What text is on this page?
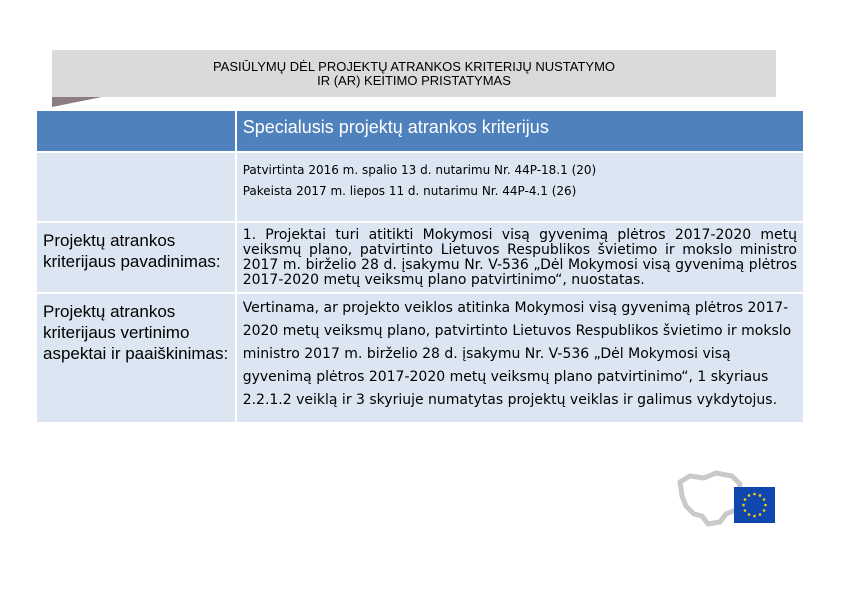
PASIŪLYMŲ DĖL PROJEKTŲ ATRANKOS KRITERIJŲ NUSTATYMO
IR (AR) KEITIMO PRISTATYMAS
	Specialusis projektų atrankos kriterijus

	Patvirtinta 2016 m. spalio 13 d. nutarimu Nr. 44P-18.1 (20)
Pakeista 2017 m. liepos 11 d. nutarimu Nr. 44P-4.1 (26)

Projektų atrankos kriterijaus pavadinimas:	1. Projektai turi atitikti Mokymosi visą gyvenimą plėtros 2017-2020 metų veiksmų plano, patvirtinto Lietuvos Respublikos švietimo ir mokslo ministro 2017 m. birželio 28 d. įsakymu Nr. V-536 „Dėl Mokymosi visą gyvenimą plėtros 2017-2020 metų veiksmų plano patvirtinimo“, nuostatas.
Projektų atrankos kriterijaus vertinimo aspektai ir paaiškinimas:	Vertinama, ar projekto veiklos atitinka Mokymosi visą gyvenimą plėtros 2017-2020 metų veiksmų plano, patvirtinto Lietuvos Respublikos švietimo ir mokslo ministro 2017 m. birželio 28 d. įsakymu Nr. V-536 „Dėl Mokymosi visą gyvenimą plėtros 2017-2020 metų veiksmų plano patvirtinimo“, 1 skyriaus 2.2.1.2 veiklą ir 3 skyriuje numatytas projektų veiklas ir galimus vykdytojus.
